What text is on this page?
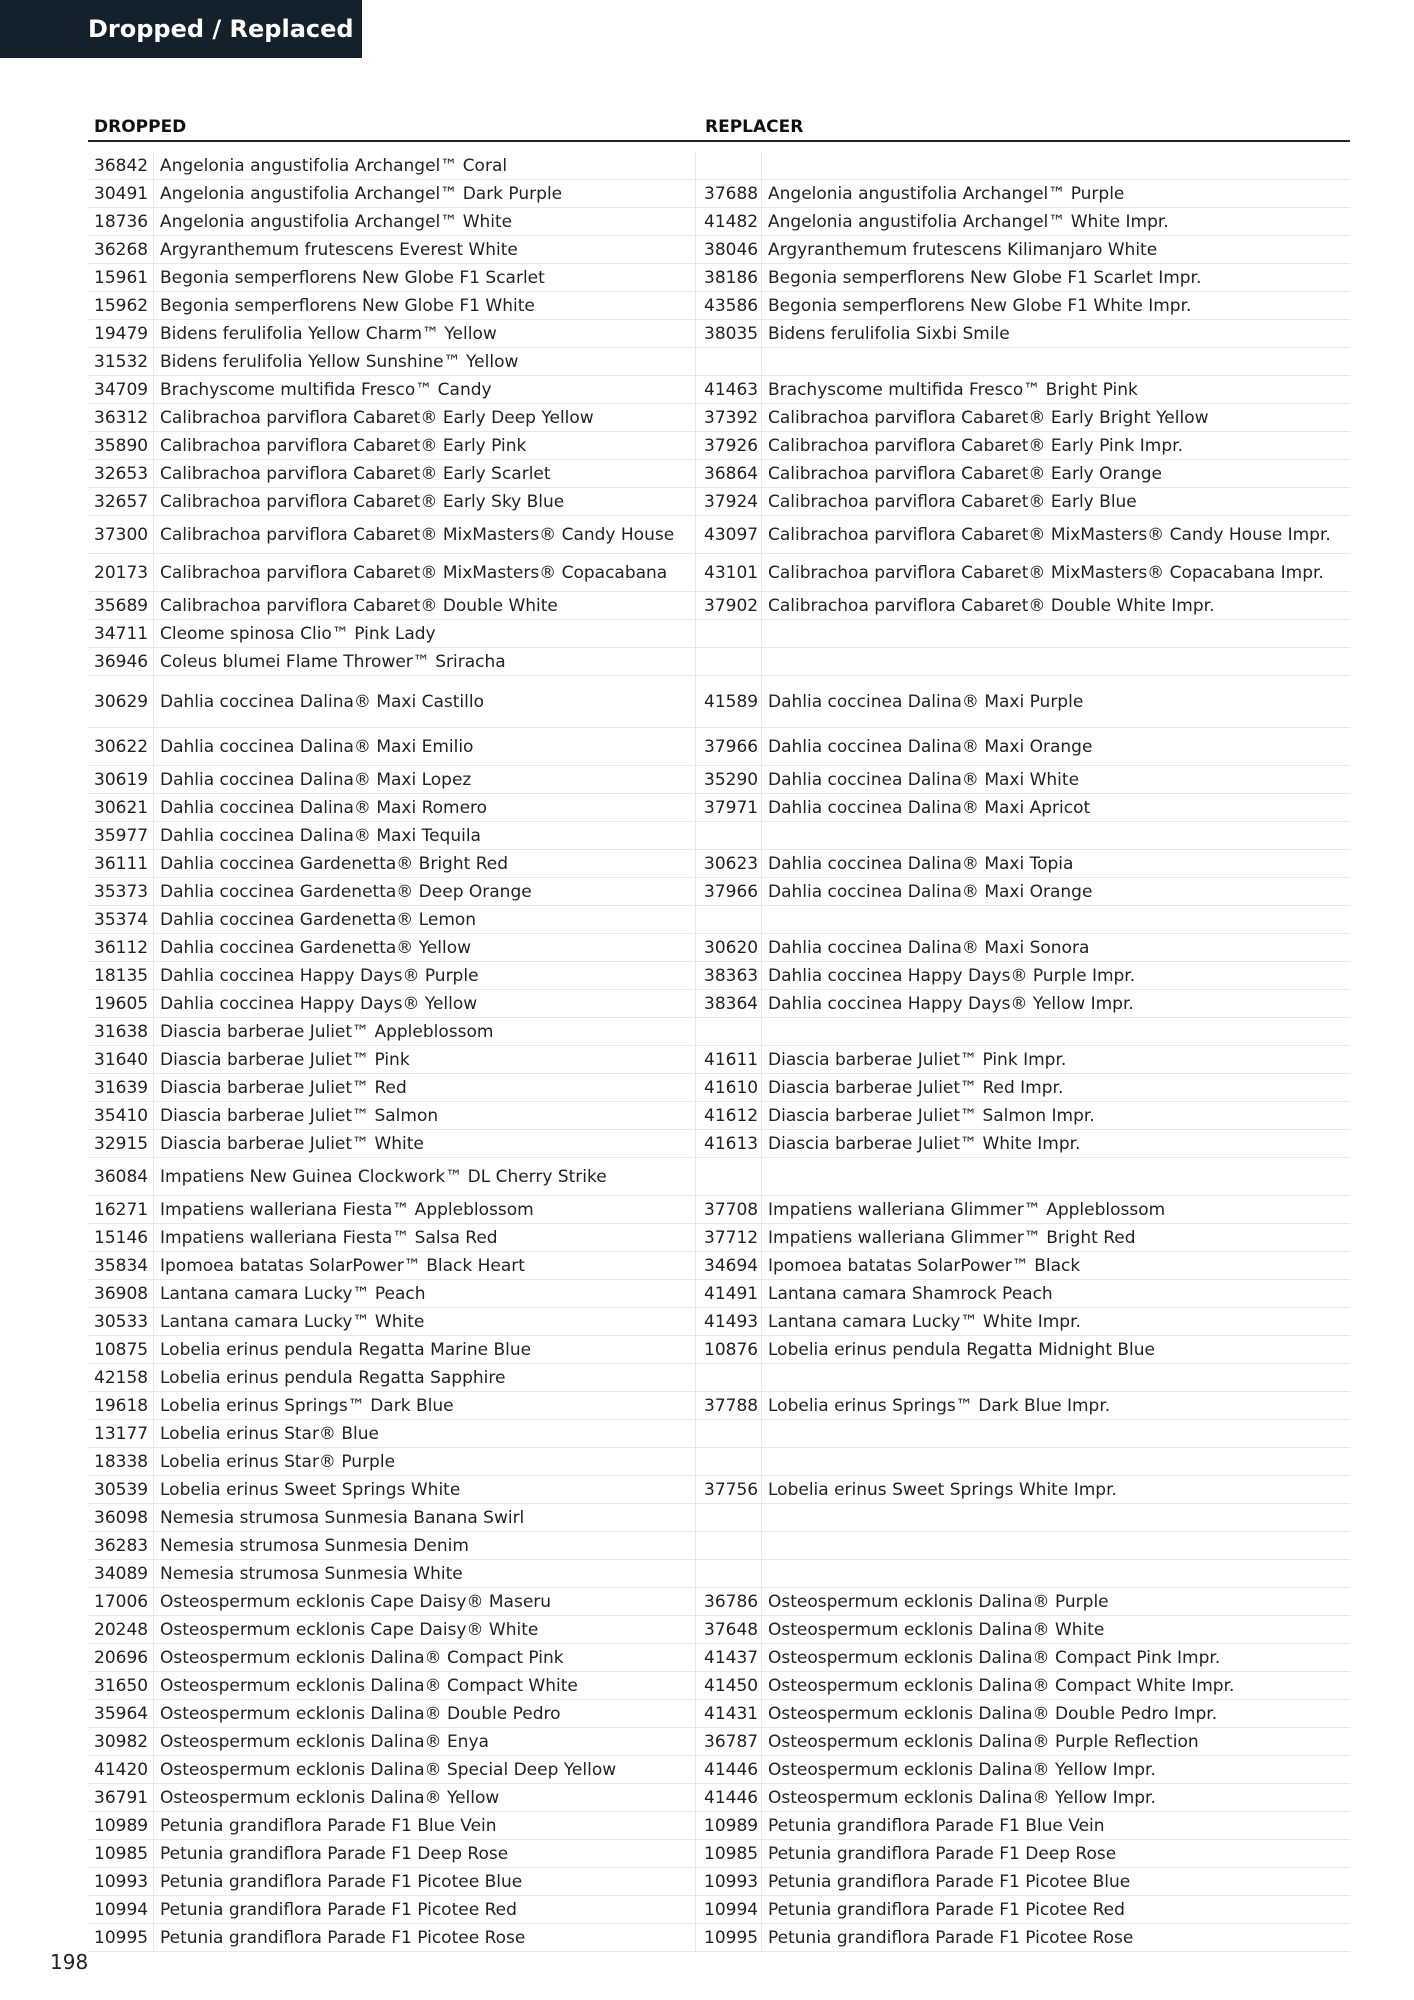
Dropped / Replaced
DROPPED	REPLACER
36842 Angelonia angustifolia Archangel™ Coral
30491 Angelonia angustifolia Archangel™ Dark Purple	37688 Angelonia angustifolia Archangel™ Purple
18736 Angelonia angustifolia Archangel™ White	41482 Angelonia angustifolia Archangel™ White Impr.
36268 Argyranthemum frutescens Everest White	38046 Argyranthemum frutescens Kilimanjaro White
15961 Begonia semperflorens New Globe F1 Scarlet	38186 Begonia semperflorens New Globe F1 Scarlet Impr.
15962 Begonia semperflorens New Globe F1 White	43586 Begonia semperflorens New Globe F1 White Impr.
19479 Bidens ferulifolia Yellow Charm™ Yellow	38035 Bidens ferulifolia Sixbi Smile
31532 Bidens ferulifolia Yellow Sunshine™ Yellow
34709 Brachyscome multifida Fresco™ Candy	41463 Brachyscome multifida Fresco™ Bright Pink
36312 Calibrachoa parviflora Cabaret® Early Deep Yellow	37392 Calibrachoa parviflora Cabaret® Early Bright Yellow
35890 Calibrachoa parviflora Cabaret® Early Pink	37926 Calibrachoa parviflora Cabaret® Early Pink Impr.
32653 Calibrachoa parviflora Cabaret® Early Scarlet	36864 Calibrachoa parviflora Cabaret® Early Orange
32657 Calibrachoa parviflora Cabaret® Early Sky Blue	37924 Calibrachoa parviflora Cabaret® Early Blue
37300 Calibrachoa parviflora Cabaret® MixMasters® Candy House	43097 Calibrachoa parviflora Cabaret® MixMasters® Candy House Impr.
20173 Calibrachoa parviflora Cabaret® MixMasters® Copacabana	43101 Calibrachoa parviflora Cabaret® MixMasters® Copacabana Impr.
35689 Calibrachoa parviflora Cabaret® Double White	37902 Calibrachoa parviflora Cabaret® Double White Impr.
34711 Cleome spinosa Clio™ Pink Lady
36946 Coleus blumei Flame Thrower™ Sriracha
30629 Dahlia coccinea Dalina® Maxi Castillo	41589 Dahlia coccinea Dalina® Maxi Purple
30622 Dahlia coccinea Dalina® Maxi Emilio	37966 Dahlia coccinea Dalina® Maxi Orange
30619 Dahlia coccinea Dalina® Maxi Lopez	35290 Dahlia coccinea Dalina® Maxi White
30621 Dahlia coccinea Dalina® Maxi Romero	37971 Dahlia coccinea Dalina® Maxi Apricot
35977 Dahlia coccinea Dalina® Maxi Tequila
36111 Dahlia coccinea Gardenetta® Bright Red	30623 Dahlia coccinea Dalina® Maxi Topia
35373 Dahlia coccinea Gardenetta® Deep Orange	37966 Dahlia coccinea Dalina® Maxi Orange
35374 Dahlia coccinea Gardenetta® Lemon
36112 Dahlia coccinea Gardenetta® Yellow	30620 Dahlia coccinea Dalina® Maxi Sonora
18135 Dahlia coccinea Happy Days® Purple	38363 Dahlia coccinea Happy Days® Purple Impr.
19605 Dahlia coccinea Happy Days® Yellow	38364 Dahlia coccinea Happy Days® Yellow Impr.
31638 Diascia barberae Juliet™ Appleblossom
31640 Diascia barberae Juliet™ Pink	41611 Diascia barberae Juliet™ Pink Impr.
31639 Diascia barberae Juliet™ Red	41610 Diascia barberae Juliet™ Red Impr.
35410 Diascia barberae Juliet™ Salmon	41612 Diascia barberae Juliet™ Salmon Impr.
32915 Diascia barberae Juliet™ White	41613 Diascia barberae Juliet™ White Impr.
36084 Impatiens New Guinea Clockwork™ DL Cherry Strike
16271 Impatiens walleriana Fiesta™ Appleblossom	37708 Impatiens walleriana Glimmer™ Appleblossom
15146 Impatiens walleriana Fiesta™ Salsa Red	37712 Impatiens walleriana Glimmer™ Bright Red
35834 Ipomoea batatas SolarPower™ Black Heart	34694 Ipomoea batatas SolarPower™ Black
36908 Lantana camara Lucky™ Peach	41491 Lantana camara Shamrock Peach
30533 Lantana camara Lucky™ White	41493 Lantana camara Lucky™ White Impr.
10875 Lobelia erinus pendula Regatta Marine Blue	10876 Lobelia erinus pendula Regatta Midnight Blue
42158 Lobelia erinus pendula Regatta Sapphire
19618 Lobelia erinus Springs™ Dark Blue	37788 Lobelia erinus Springs™ Dark Blue Impr.
13177 Lobelia erinus Star® Blue
18338 Lobelia erinus Star® Purple
30539 Lobelia erinus Sweet Springs White	37756 Lobelia erinus Sweet Springs White Impr.
36098 Nemesia strumosa Sunmesia Banana Swirl
36283 Nemesia strumosa Sunmesia Denim
34089 Nemesia strumosa Sunmesia White
17006 Osteospermum ecklonis Cape Daisy® Maseru	36786 Osteospermum ecklonis Dalina® Purple
20248 Osteospermum ecklonis Cape Daisy® White	37648 Osteospermum ecklonis Dalina® White
20696 Osteospermum ecklonis Dalina® Compact Pink	41437 Osteospermum ecklonis Dalina® Compact Pink Impr.
31650 Osteospermum ecklonis Dalina® Compact White	41450 Osteospermum ecklonis Dalina® Compact White Impr.
35964 Osteospermum ecklonis Dalina® Double Pedro	41431 Osteospermum ecklonis Dalina® Double Pedro Impr.
30982 Osteospermum ecklonis Dalina® Enya	36787 Osteospermum ecklonis Dalina® Purple Reflection
41420 Osteospermum ecklonis Dalina® Special Deep Yellow	41446 Osteospermum ecklonis Dalina® Yellow Impr.
36791 Osteospermum ecklonis Dalina® Yellow	41446 Osteospermum ecklonis Dalina® Yellow Impr.
10989 Petunia grandiflora Parade F1 Blue Vein	10989 Petunia grandiflora Parade F1 Blue Vein
10985 Petunia grandiflora Parade F1 Deep Rose	10985 Petunia grandiflora Parade F1 Deep Rose
10993 Petunia grandiflora Parade F1 Picotee Blue	10993 Petunia grandiflora Parade F1 Picotee Blue
10994 Petunia grandiflora Parade F1 Picotee Red	10994 Petunia grandiflora Parade F1 Picotee Red
10995 Petunia grandiflora Parade F1 Picotee Rose	10995 Petunia grandiflora Parade F1 Picotee Rose
198
